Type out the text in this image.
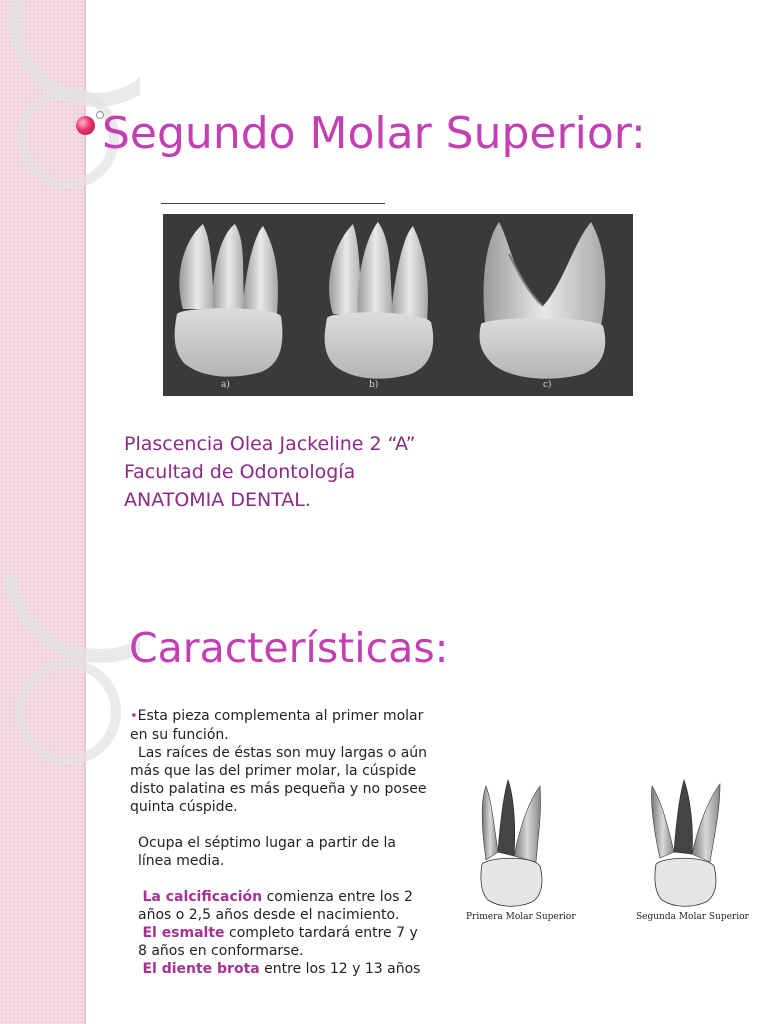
Segundo Molar Superior:
a)	b)	c)
Plascencia Olea Jackeline 2 “A”
Facultad de Odontología
ANATOMIA DENTAL.
Características:

•Esta pieza complementa al primer molar en su función.
Las raíces de éstas son muy largas o aún más que las del primer molar, la cúspide disto palatina es más pequeña y no posee quinta cúspide.

Ocupa el séptimo lugar a partir de la línea media.

La calcificación comienza entre los 2 años o 2,5 años desde el nacimiento.

El esmalte completo tardará entre 7 y 8 años en conformarse.

El diente brota entre los 12 y 13 años

Primera Molar Superior	Segunda Molar Superior
